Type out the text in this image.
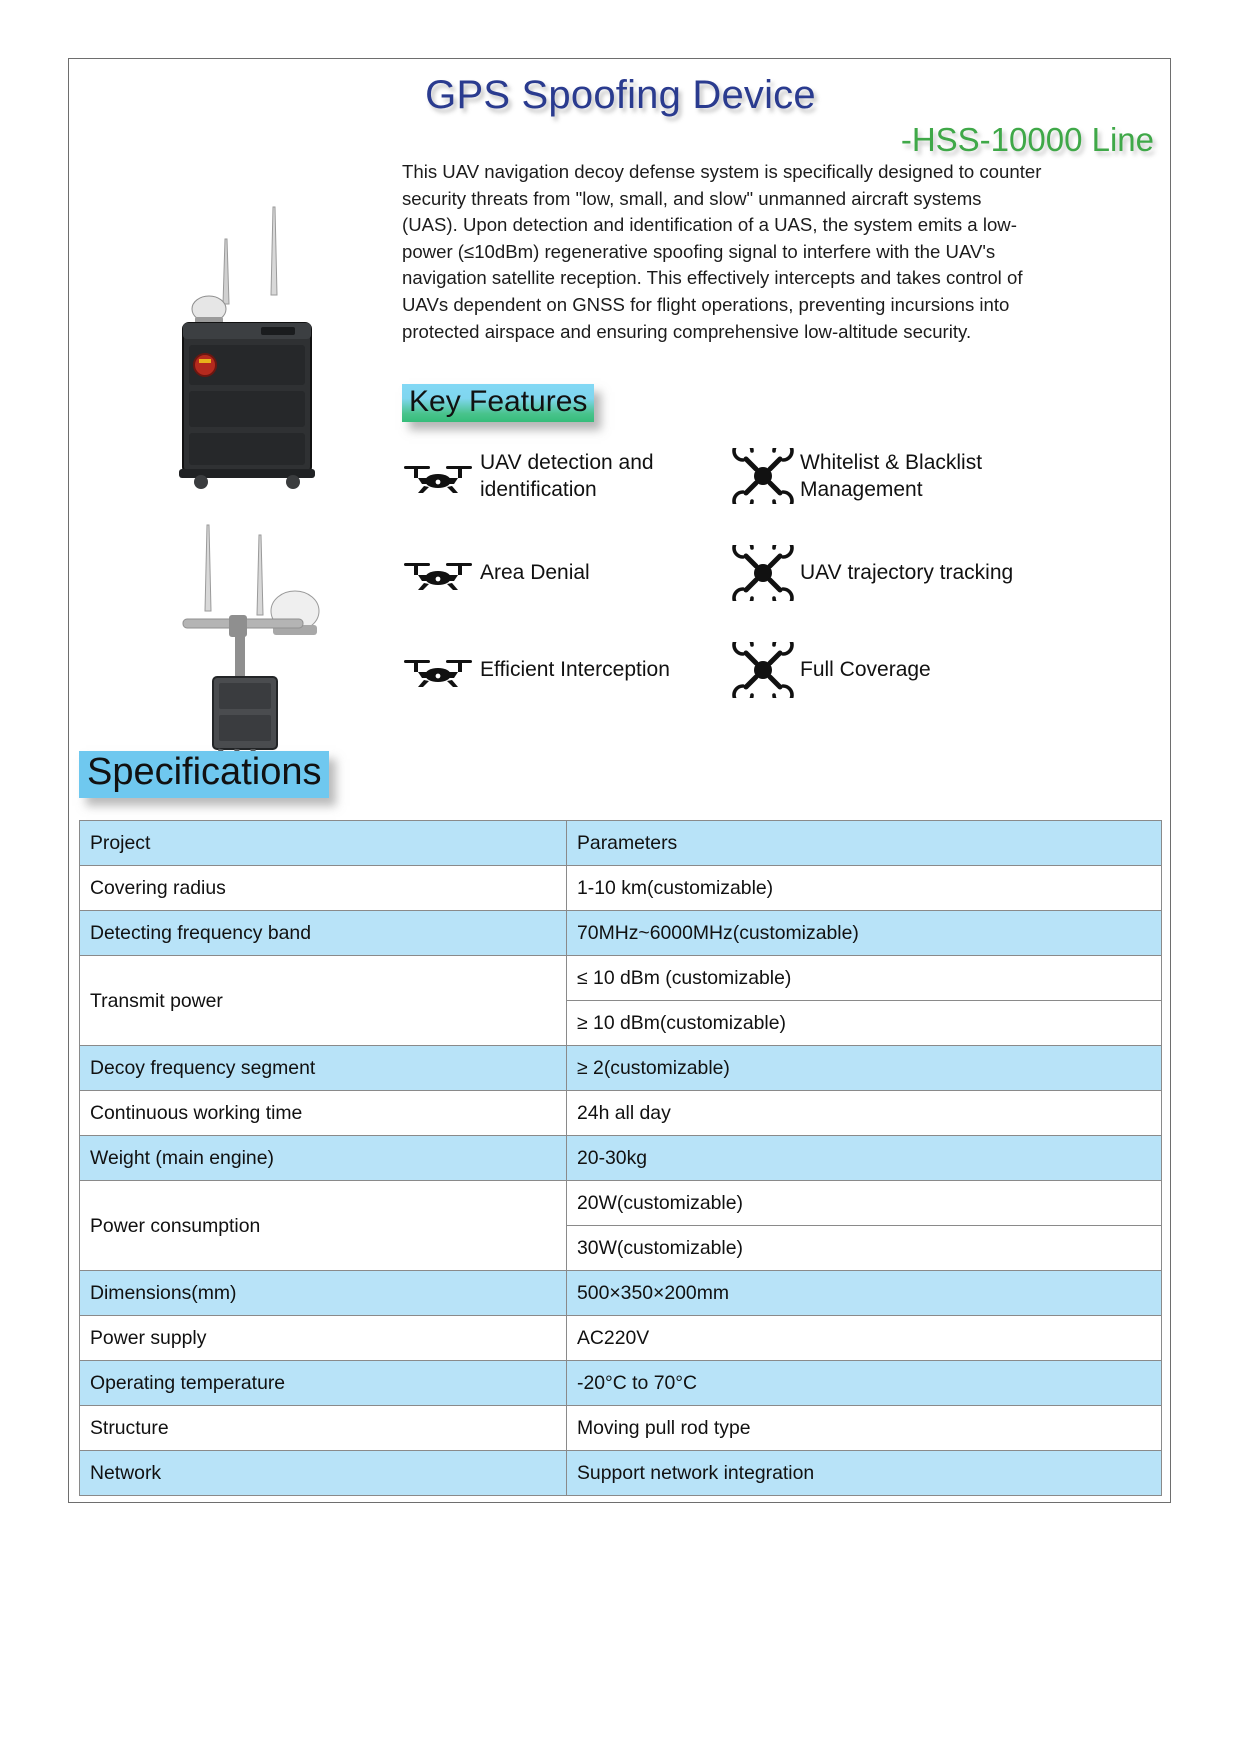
GPS Spoofing Device
-HSS-10000 Line

This UAV navigation decoy defense system is specifically designed to counter security threats from "low, small, and slow" unmanned aircraft systems (UAS). Upon detection and identification of a UAS, the system emits a low-power (≤10dBm) regenerative spoofing signal to interfere with the UAV's navigation satellite reception. This effectively intercepts and takes control of UAVs dependent on GNSS for flight operations, preventing incursions into protected airspace and ensuring comprehensive low-altitude security.

Key Features
UAV detection and identification
Whitelist & Blacklist Management
Area Denial	UAV trajectory tracking
Efficient Interception	Full Coverage
Specifications
Project	Parameters
Covering radius	1-10 km(customizable)
Detecting frequency band	70MHz~6000MHz(customizable)
Transmit power	≤ 10 dBm (customizable)
	≥ 10 dBm(customizable)
Decoy frequency segment	≥ 2(customizable)
Continuous working time	24h all day
Weight (main engine)	20-30kg
Power consumption	20W(customizable)
	30W(customizable)
Dimensions(mm)	500×350×200mm
Power supply	AC220V
Operating temperature	-20°C to 70°C
Structure	Moving pull rod type
Network	Support network integration
